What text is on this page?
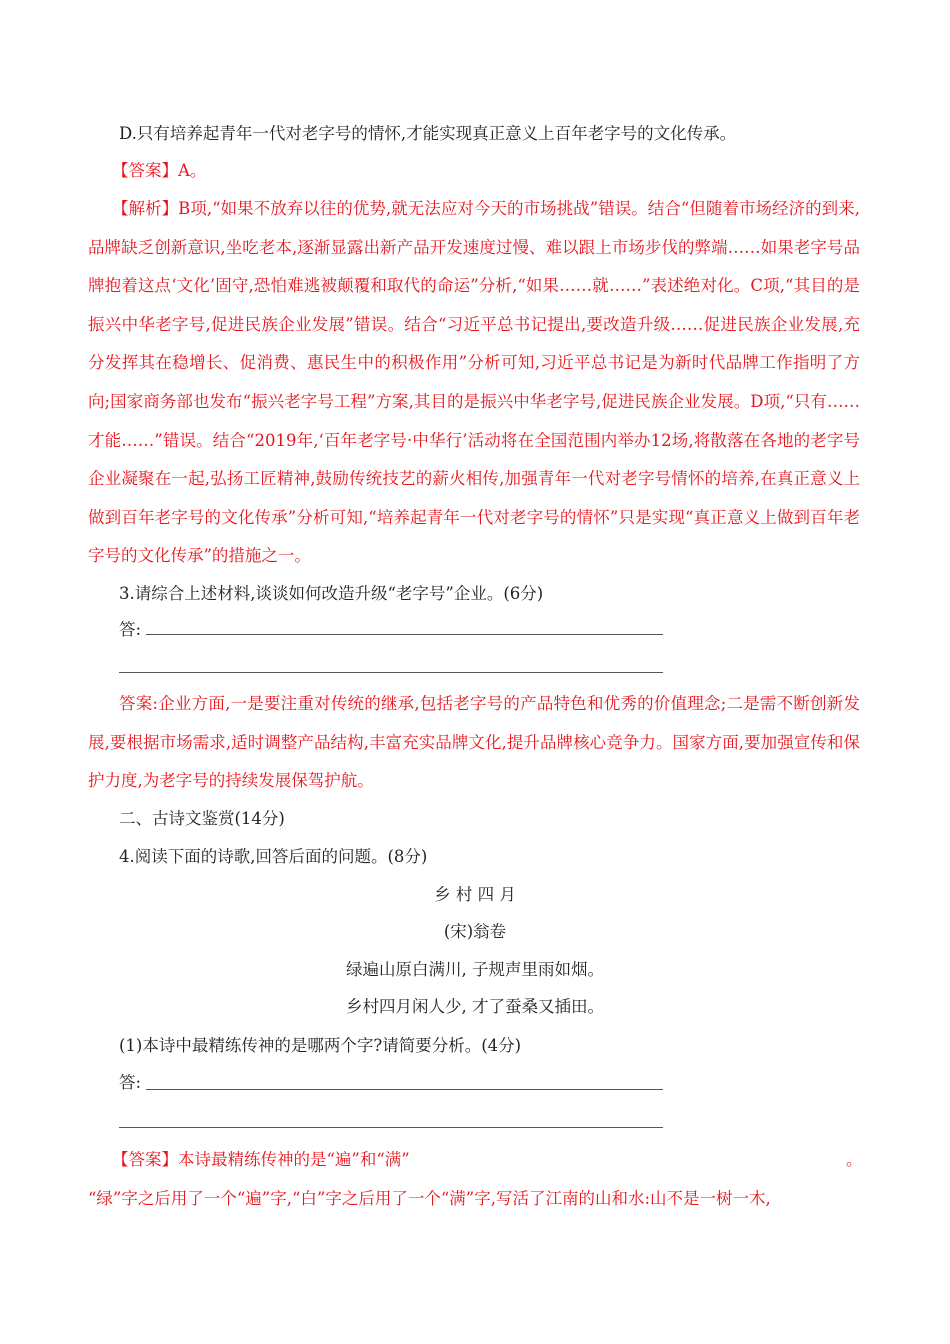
D.只有培养起青年一代对老字号的情怀,才能实现真正意义上百年老字号的文化传承。
【答案】A。
【解析】B项,“如果不放弃以往的优势,就无法应对今天的市场挑战”错误。结合“但随着市场经济的到来,品牌缺乏创新意识,坐吃老本,逐渐显露出新产品开发速度过慢、难以跟上市场步伐的弊端……如果老字号品牌抱着这点‘文化’固守,恐怕难逃被颠覆和取代的命运”分析,“如果……就……”表述绝对化。C项,“其目的是振兴中华老字号,促进民族企业发展”错误。结合“习近平总书记提出,要改造升级……促进民族企业发展,充分发挥其在稳增长、促消费、惠民生中的积极作用”分析可知,习近平总书记是为新时代品牌工作指明了方向;国家商务部也发布“振兴老字号工程”方案,其目的是振兴中华老字号,促进民族企业发展。D项,“只有……才能……”错误。结合“2019年,‘百年老字号·中华行’活动将在全国范围内举办12场,将散落在各地的老字号企业凝聚在一起,弘扬工匠精神,鼓励传统技艺的薪火相传,加强青年一代对老字号情怀的培养,在真正意义上做到百年老字号的文化传承”分析可知,“培养起青年一代对老字号的情怀”只是实现“真正意义上做到百年老字号的文化传承”的措施之一。
3.请综合上述材料,谈谈如何改造升级“老字号”企业。(6分)
答:
答案:企业方面,一是要注重对传统的继承,包括老字号的产品特色和优秀的价值理念;二是需不断创新发展,要根据市场需求,适时调整产品结构,丰富充实品牌文化,提升品牌核心竞争力。国家方面,要加强宣传和保护力度,为老字号的持续发展保驾护航。
二、古诗文鉴赏(14分)
4.阅读下面的诗歌,回答后面的问题。(8分)
乡 村 四 月
(宋)翁卷
绿遍山原白满川, 子规声里雨如烟。
乡村四月闲人少, 才了蚕桑又插田。
(1)本诗中最精练传神的是哪两个字?请简要分析。(4分)
答:
【答案】本诗最精练传神的是“遍”和“满”	。
“绿”字之后用了一个“遍”字,“白”字之后用了一个“满”字,写活了江南的山和水:山不是一树一木,
